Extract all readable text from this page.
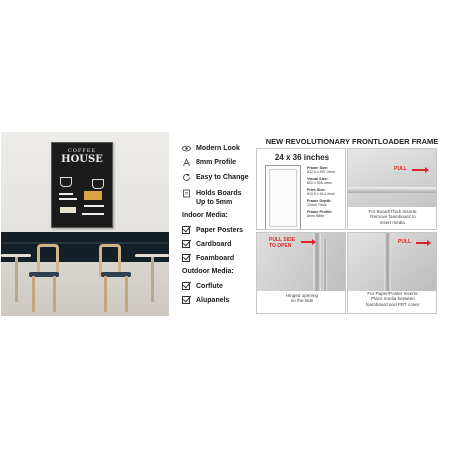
COFFEE
HOUSE
Modern Look
8mm Profile
Easy to Change
Holds Boards
Up to 5mm
Indoor Media:
Paper Posters
Cardboard
Foamboard
Outdoor Media:
Corflute
Alupanels
NEW REVOLUTIONARY FRONTLOADER FRAME
24 x 36 inches
Frame Size:
632.5 x 937.4mm
Visual Size:
600 x 905.4mm
Print Size:
610.5 x 914.4mm
Frame Depth:
12mm Thick
Frame Profile:
8mm Wide
PULL
For Board/Thick Inserts:
Remove foamboard to
insert media.
PULL SIDE
TO OPEN
Hinged opening
on the side
PULL
For Paper/Poster Inserts:
Place media between
foamboard and PET cover.
